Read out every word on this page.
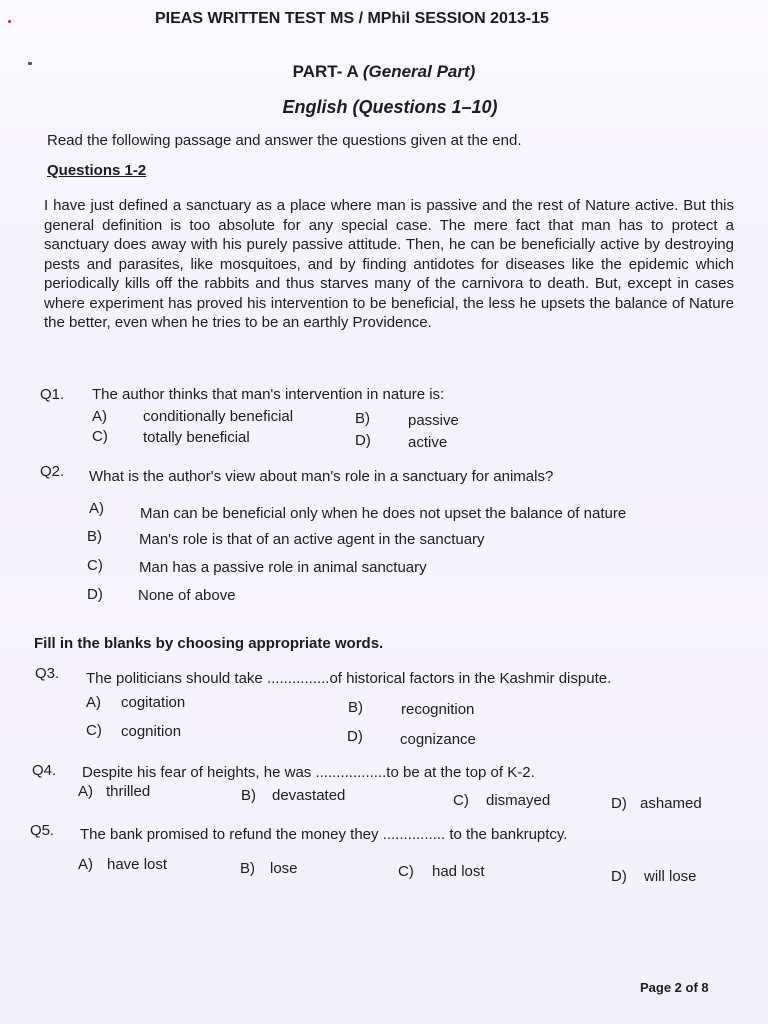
PIEAS WRITTEN TEST MS / MPhil SESSION 2013-15
PART- A (General Part)
English (Questions 1–10)
Read the following passage and answer the questions given at the end.
Questions 1-2
I have just defined a sanctuary as a place where man is passive and the rest of Nature active. But this general definition is too absolute for any special case. The mere fact that man has to protect a sanctuary does away with his purely passive attitude. Then, he can be beneficially active by destroying pests and parasites, like mosquitoes, and by finding antidotes for diseases like the epidemic which periodically kills off the rabbits and thus starves many of the carnivora to death. But, except in cases where experiment has proved his intervention to be beneficial, the less he upsets the balance of Nature the better, even when he tries to be an earthly Providence.
Q1. The author thinks that man's intervention in nature is:
A) conditionally beneficial	B)	passive
C) totally beneficial	D) active
Q2. What is the author's view about man's role in a sanctuary for animals?
A) Man can be beneficial only when he does not upset the balance of nature
B) Man's role is that of an active agent in the sanctuary
C) Man has a passive role in animal sanctuary
D) None of above
Fill in the blanks by choosing appropriate words.
Q3. The politicians should take ...............of historical factors in the Kashmir dispute.
A) cogitation	B)	recognition
C) cognition	D) cognizance
Q4. Despite his fear of heights, he was .................to be at the top of K-2.
A) thrilled	B) devastated	C) dismayed	D) ashamed
Q5. The bank promised to refund the money they ............... to the bankruptcy.
A) have lost	B) lose	C) had lost	D) will lose
Page 2 of 8
